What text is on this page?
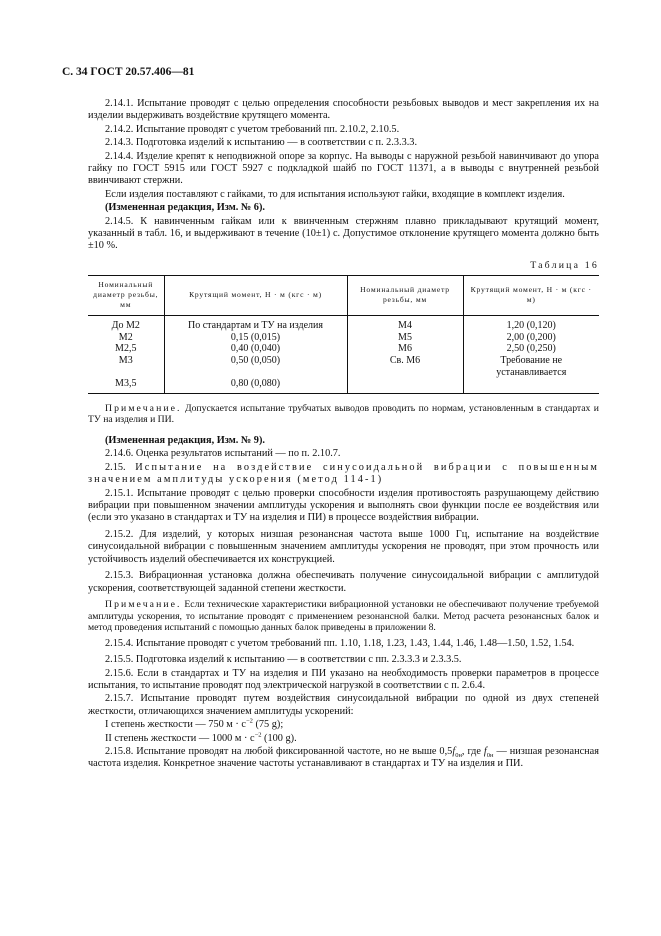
С. 34 ГОСТ 20.57.406—81

2.14.1. Испытание проводят с целью определения способности резьбовых выводов и мест закрепления их на изделии выдерживать воздействие крутящего момента.

2.14.2. Испытание проводят с учетом требований пп. 2.10.2, 2.10.5.

2.14.3. Подготовка изделий к испытанию — в соответствии с п. 2.3.3.3.

2.14.4. Изделие крепят к неподвижной опоре за корпус. На выводы с наружной резьбой навинчивают до упора гайку по ГОСТ 5915 или ГОСТ 5927 с подкладкой шайб по ГОСТ 11371, а в выводы с внутренней резьбой ввинчивают стержни.

Если изделия поставляют с гайками, то для испытания используют гайки, входящие в комплект изделия.

(Измененная редакция, Изм. № 6).

2.14.5. К навинченным гайкам или к ввинченным стержням плавно прикладывают крутящий момент, указанный в табл. 16, и выдерживают в течение (10±1) с. Допустимое отклонение крутящего момента должно быть ±10 %.

Таблица 16
Номинальный диаметр резьбы, мм	Крутящий момент, Н · м (кгс · м)	Номинальный диаметр резьбы, мм	Крутящий момент, Н · м (кгс · м)
До М2	По стандартам и ТУ на изделия	М4	1,20 (0,120)
М2	0,15 (0,015)	М5	2,00 (0,200)
М2,5	0,40 (0,040)	М6	2,50 (0,250)
М3	0,50 (0,050)	Св. М6	Требование не устанавливается
М3,5	0,80 (0,080)		

Примечание. Допускается испытание трубчатых выводов проводить по нормам, установленным в стандартах и ТУ на изделия и ПИ.

(Измененная редакция, Изм. № 9).

2.14.6. Оценка результатов испытаний — по п. 2.10.7.

2.15. Испытание на воздействие синусоидальной вибрации с повышенным значением амплитуды ускорения (метод 114-1)

2.15.1. Испытание проводят с целью проверки способности изделия противостоять разрушающему действию вибрации при повышенном значении амплитуды ускорения и выполнять свои функции после ее воздействия или (если это указано в стандартах и ТУ на изделия и ПИ) в процессе воздействия вибрации.

2.15.2. Для изделий, у которых низшая резонансная частота выше 1000 Гц, испытание на воздействие синусоидальной вибрации с повышенным значением амплитуды ускорения не проводят, при этом прочность или устойчивость изделий обеспечивается их конструкцией.

2.15.3. Вибрационная установка должна обеспечивать получение синусоидальной вибрации с амплитудой ускорения, соответствующей заданной степени жесткости.

Примечание. Если технические характеристики вибрационной установки не обеспечивают получение требуемой амплитуды ускорения, то испытание проводят с применением резонансной балки. Метод расчета резонансных балок и метод проведения испытаний с помощью данных балок приведены в приложении 8.

2.15.4. Испытание проводят с учетом требований пп. 1.10, 1.18, 1.23, 1.43, 1.44, 1.46, 1.48—1.50, 1.52, 1.54.

2.15.5. Подготовка изделий к испытанию — в соответствии с пп. 2.3.3.3 и 2.3.3.5.

2.15.6. Если в стандартах и ТУ на изделия и ПИ указано на необходимость проверки параметров в процессе испытания, то испытание проводят под электрической нагрузкой в соответствии с п. 2.6.4.

2.15.7. Испытание проводят путем воздействия синусоидальной вибрации по одной из двух степеней жесткости, отличающихся значением амплитуды ускорений:

I степень жесткости — 750 $м \cdot с^{-2}$ (75 g);

II степень жесткости — 1000 $м \cdot с^{-2}$ (100 g).

2.15.8. Испытание проводят на любой фиксированной частоте, но не выше $0,5f_{0н}$, где $f_{0н}$ — низшая резонансная частота изделия. Конкретное значение частоты устанавливают в стандартах и ТУ на изделия и ПИ.
